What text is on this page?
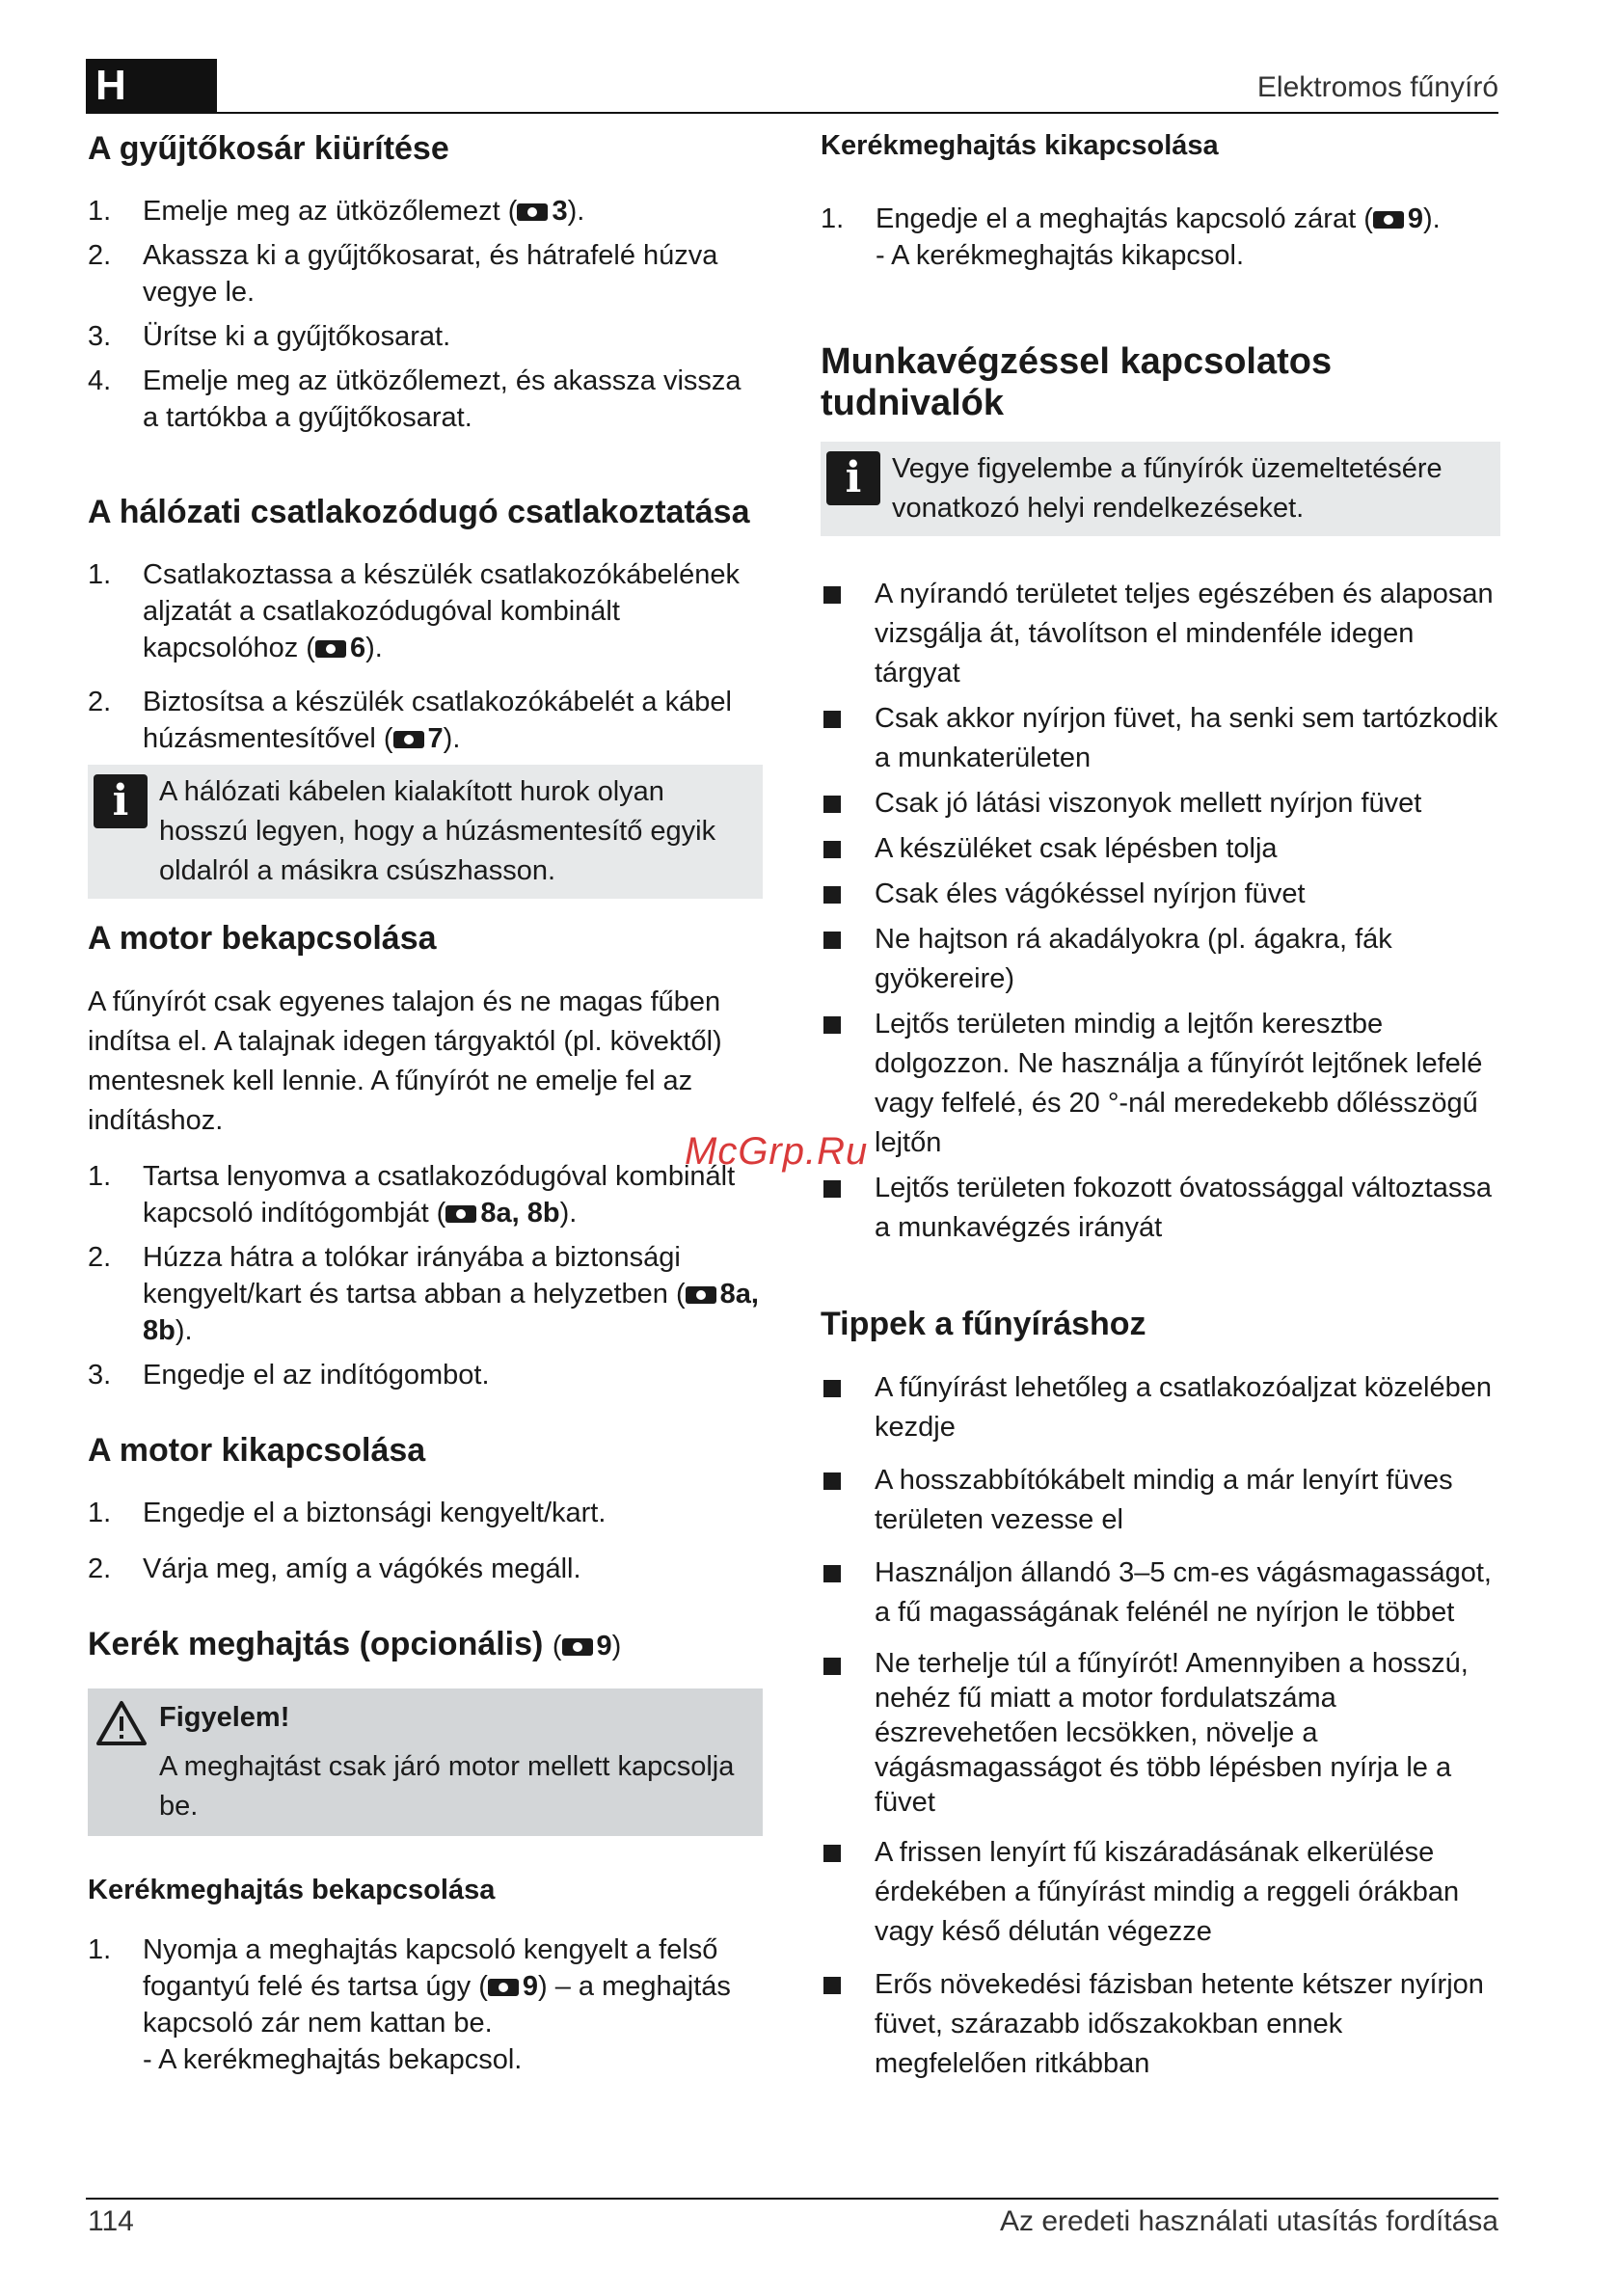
H	Elektromos fűnyíró
A gyűjtőkosár kiürítése
1. Emelje meg az ütközőlemezt ( 3).
2. Akassza ki a gyűjtőkosarat, és hátrafelé húzva vegye le.
3. Ürítse ki a gyűjtőkosarat.
4. Emelje meg az ütközőlemezt, és akassza vissza a tartókba a gyűjtőkosarat.
A hálózati csatlakozódugó csatlakoztatása
1. Csatlakoztassa a készülék csatlakozókábelének aljzatát a csatlakozódugóval kombinált kapcsolóhoz ( 6).
2. Biztosítsa a készülék csatlakozókábelét a kábel húzásmentesítővel ( 7).
i	A hálózati kábelen kialakított hurok olyan hosszú legyen, hogy a húzásmentesítő egyik oldalról a másikra csúszhasson.

A motor bekapcsolása

A fűnyírót csak egyenes talajon és ne magas fűben indítsa el. A talajnak idegen tárgyaktól (pl. kövektől) mentesnek kell lennie. A fűnyírót ne emelje fel az indításhoz.

1. Tartsa lenyomva a csatlakozódugóval kombinált kapcsoló indítógombját ( 8a, 8b).
2. Húzza hátra a tolókar irányába a biztonsági kengyelt/kart és tartsa abban a helyzetben ( 8a, 8b).
3. Engedje el az indítógombot.
A motor kikapcsolása
1. Engedje el a biztonsági kengyelt/kart.
2. Várja meg, amíg a vágókés megáll.
Kerék meghajtás (opcionális) ( 9)
Figyelem!

A meghajtást csak járó motor mellett kapcsolja be.

Kerékmeghajtás bekapcsolása
1. Nyomja a meghajtás kapcsoló kengyelt a felső fogantyú felé és tartsa úgy ( 9) – a meghajtás kapcsoló zár nem kattan be.
- A kerékmeghajtás bekapcsol.
Kerékmeghajtás kikapcsolása
1. Engedje el a meghajtás kapcsoló zárat ( 9).
- A kerékmeghajtás kikapcsol.
Munkavégzéssel kapcsolatos tudnivalók
i	Vegye figyelembe a fűnyírók üzemeltetésére vonatkozó helyi rendelkezéseket.

A nyírandó területet teljes egészében és alaposan vizsgálja át, távolítson el mindenféle idegen tárgyat
Csak akkor nyírjon füvet, ha senki sem tartózkodik a munkaterületen
Csak jó látási viszonyok mellett nyírjon füvet
A készüléket csak lépésben tolja
Csak éles vágókéssel nyírjon füvet
Ne hajtson rá akadályokra (pl. ágakra, fák gyökereire)
Lejtős területen mindig a lejtőn keresztbe dolgozzon. Ne használja a fűnyírót lejtőnek lefelé vagy felfelé, és 20 °-nál meredekebb dőlésszögű lejtőn
Lejtős területen fokozott óvatossággal változtassa a munkavégzés irányát
Tippek a fűnyíráshoz
A fűnyírást lehetőleg a csatlakozóaljzat közelében kezdje
A hosszabbítókábelt mindig a már lenyírt füves területen vezesse el
Használjon állandó 3–5 cm-es vágásmagasságot, a fű magasságának felénél ne nyírjon le többet
Ne terhelje túl a fűnyírót! Amennyiben a hosszú, nehéz fű miatt a motor fordulatszáma észrevehetően lecsökken, növelje a vágásmagasságot és több lépésben nyírja le a füvet
A frissen lenyírt fű kiszáradásának elkerülése érdekében a fűnyírást mindig a reggeli órákban vagy késő délután végezze
Erős növekedési fázisban hetente kétszer nyírjon füvet, szárazabb időszakokban ennek megfelelően ritkábban
McGrp.Ru
114	Az eredeti használati utasítás fordítása
